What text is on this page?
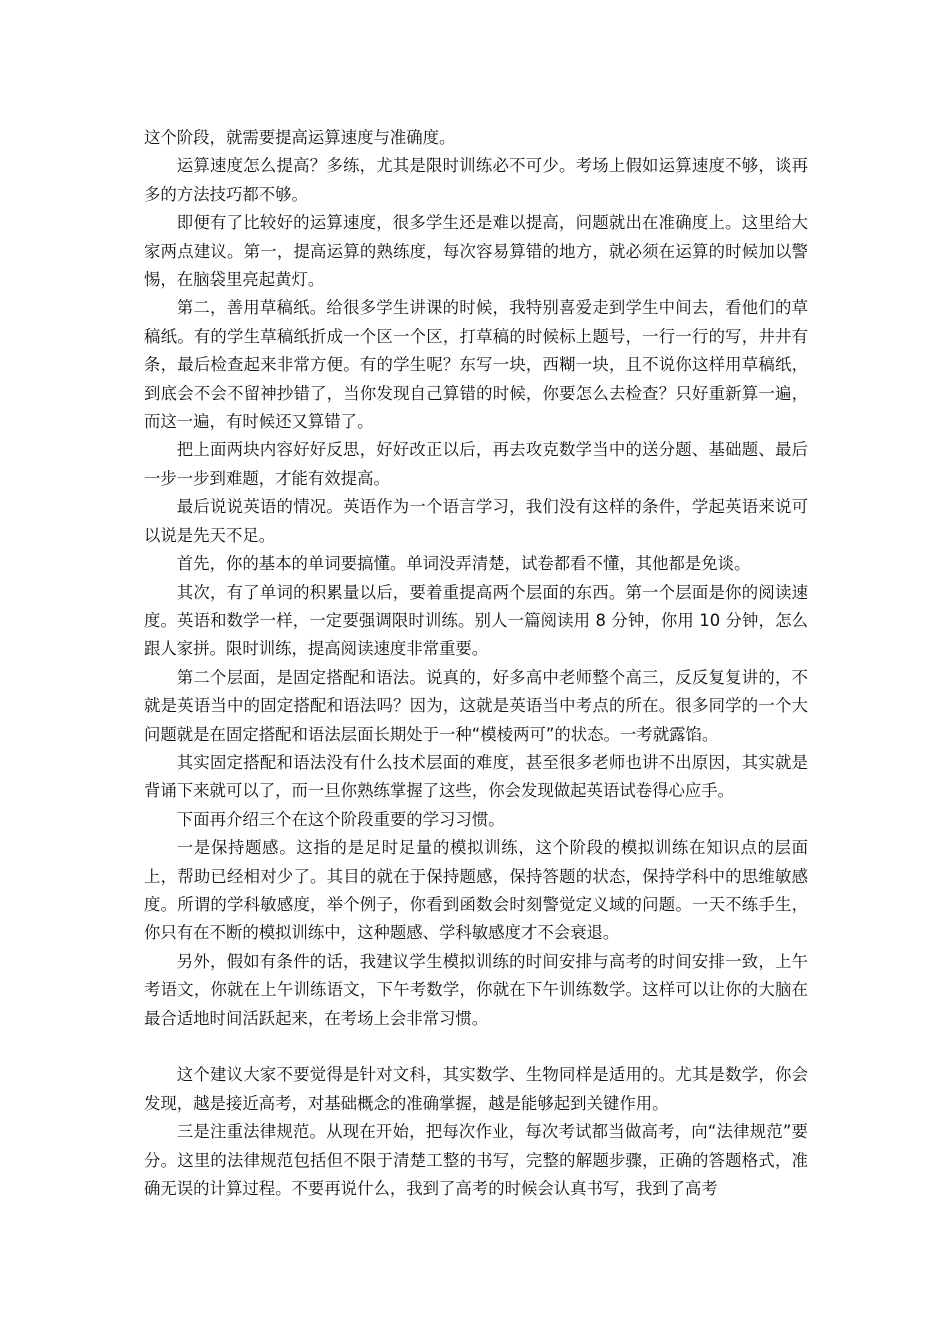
这个阶段，就需要提高运算速度与准确度。

运算速度怎么提高？多练，尤其是限时训练必不可少。考场上假如运算速度不够，谈再多的方法技巧都不够。

即便有了比较好的运算速度，很多学生还是难以提高，问题就出在准确度上。这里给大家两点建议。第一，提高运算的熟练度，每次容易算错的地方，就必须在运算的时候加以警惕，在脑袋里亮起黄灯。

第二，善用草稿纸。给很多学生讲课的时候，我特别喜爱走到学生中间去，看他们的草稿纸。有的学生草稿纸折成一个区一个区，打草稿的时候标上题号，一行一行的写，井井有条，最后检查起来非常方便。有的学生呢？东写一块，西糊一块，且不说你这样用草稿纸，到底会不会不留神抄错了，当你发现自己算错的时候，你要怎么去检查？只好重新算一遍，而这一遍，有时候还又算错了。

把上面两块内容好好反思，好好改正以后，再去攻克数学当中的送分题、基础题、最后一步一步到难题，才能有效提高。

最后说说英语的情况。英语作为一个语言学习，我们没有这样的条件，学起英语来说可以说是先天不足。

首先，你的基本的单词要搞懂。单词没弄清楚，试卷都看不懂，其他都是免谈。

其次，有了单词的积累量以后，要着重提高两个层面的东西。第一个层面是你的阅读速度。英语和数学一样，一定要强调限时训练。别人一篇阅读用 8 分钟，你用 10 分钟，怎么跟人家拼。限时训练，提高阅读速度非常重要。

第二个层面，是固定搭配和语法。说真的，好多高中老师整个高三，反反复复讲的，不就是英语当中的固定搭配和语法吗？因为，这就是英语当中考点的所在。很多同学的一个大问题就是在固定搭配和语法层面长期处于一种“模棱两可”的状态。一考就露馅。

其实固定搭配和语法没有什么技术层面的难度，甚至很多老师也讲不出原因，其实就是背诵下来就可以了，而一旦你熟练掌握了这些，你会发现做起英语试卷得心应手。

下面再介绍三个在这个阶段重要的学习习惯。

一是保持题感。这指的是足时足量的模拟训练，这个阶段的模拟训练在知识点的层面上，帮助已经相对少了。其目的就在于保持题感，保持答题的状态，保持学科中的思维敏感度。所谓的学科敏感度，举个例子，你看到函数会时刻警觉定义域的问题。一天不练手生，你只有在不断的模拟训练中，这种题感、学科敏感度才不会衰退。

另外，假如有条件的话，我建议学生模拟训练的时间安排与高考的时间安排一致，上午考语文，你就在上午训练语文，下午考数学，你就在下午训练数学。这样可以让你的大脑在最合适地时间活跃起来，在考场上会非常习惯。

这个建议大家不要觉得是针对文科，其实数学、生物同样是适用的。尤其是数学，你会发现，越是接近高考，对基础概念的准确掌握，越是能够起到关键作用。

三是注重法律规范。从现在开始，把每次作业，每次考试都当做高考，向“法律规范”要分。这里的法律规范包括但不限于清楚工整的书写，完整的解题步骤，正确的答题格式，准确无误的计算过程。不要再说什么，我到了高考的时候会认真书写，我到了高考
